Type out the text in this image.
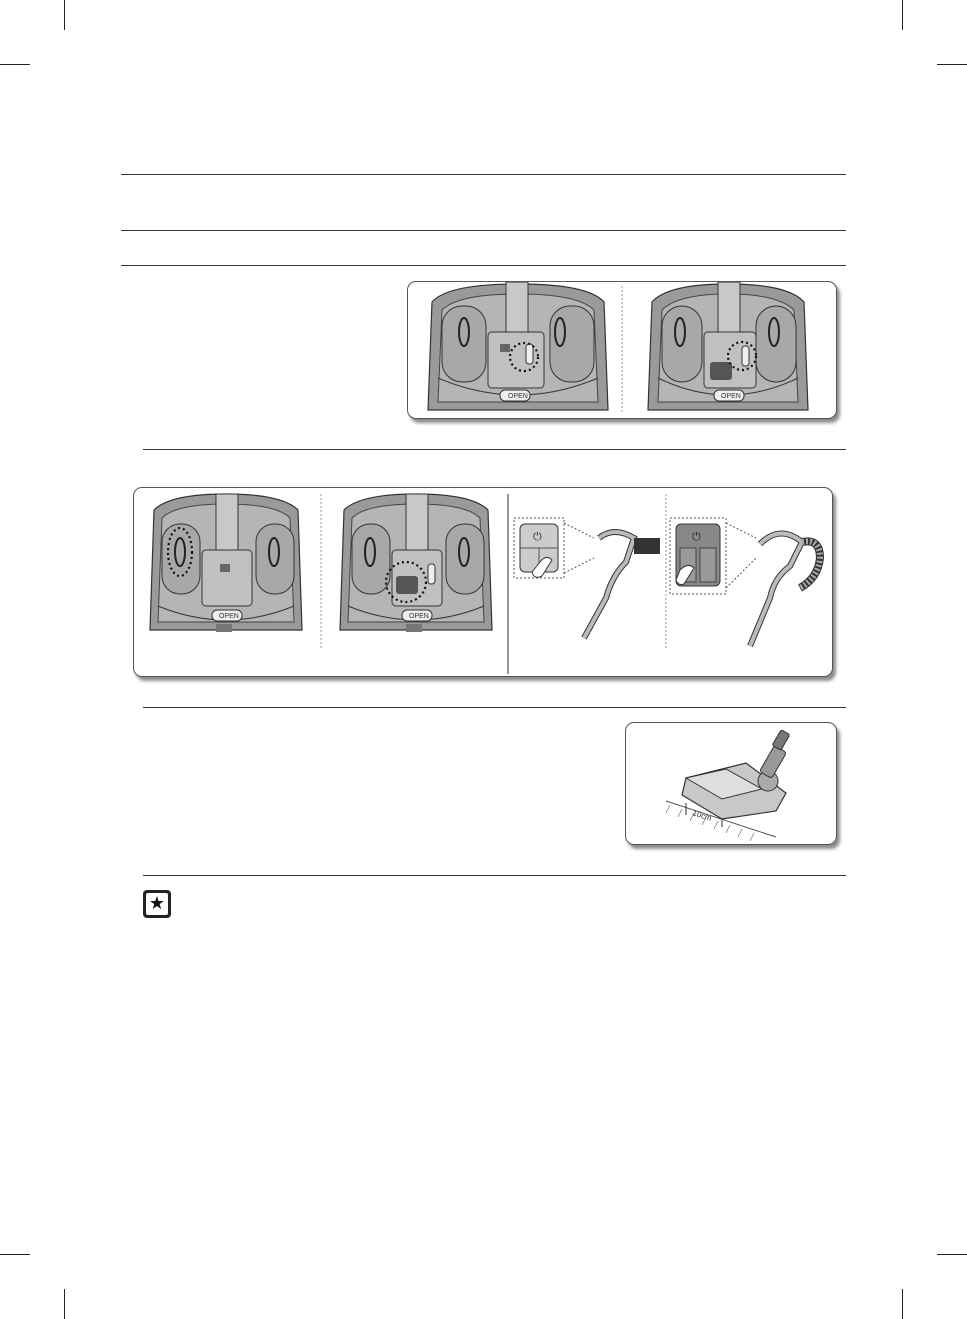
OPEN	OPEN
OPEN	OPEN
⏻	⏻
10cm
★
